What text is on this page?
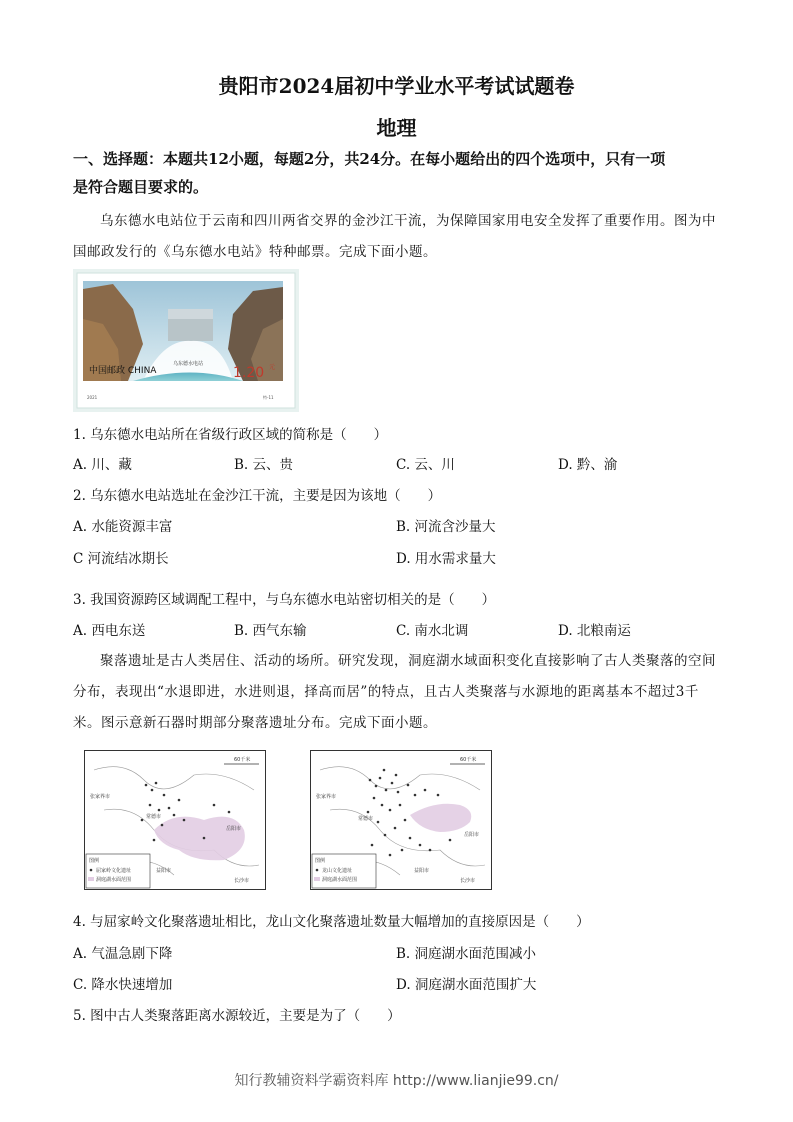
贵阳市2024届初中学业水平考试试题卷
地理
一、选择题：本题共12小题，每题2分，共24分。在每小题给出的四个选项中，只有一项
是符合题目要求的。
乌东德水电站位于云南和四川两省交界的金沙江干流，为保障国家用电安全发挥了重要作用。图为中
国邮政发行的《乌东德水电站》特种邮票。完成下面小题。
乌东德水电站
中国邮政 CHINA	1.20 元
2021	特-11
1. 乌东德水电站所在省级行政区域的简称是（　　）
A. 川、藏	B. 云、贵	C. 云、川	D. 黔、渝
2. 乌东德水电站选址在金沙江干流，主要是因为该地（　　）
A. 水能资源丰富	B. 河流含沙量大
C 河流结冰期长	D. 用水需求量大
3. 我国资源跨区域调配工程中，与乌东德水电站密切相关的是（　　）
A. 西电东送	B. 西气东输	C. 南水北调	D. 北粮南运
聚落遗址是古人类居住、活动的场所。研究发现，洞庭湖水域面积变化直接影响了古人类聚落的空间
分布，表现出“水退即进，水进则退，择高而居”的特点，且古人类聚落与水源地的距离基本不超过3千
米。图示意新石器时期部分聚落遗址分布。完成下面小题。
60千米
张家界市
常德市
岳阳市
益阳市
长沙市
图例
屈家岭文化遗址
洞庭湖水面范围
60千米
张家界市
常德市
岳阳市
益阳市
长沙市
图例
龙山文化遗址
洞庭湖水面范围
4. 与屈家岭文化聚落遗址相比，龙山文化聚落遗址数量大幅增加的直接原因是（　　）
A. 气温急剧下降	B. 洞庭湖水面范围减小
C. 降水快速增加	D. 洞庭湖水面范围扩大
5. 图中古人类聚落距离水源较近，主要是为了（　　）
知行教辅资料学霸资料库 http://www.lianjie99.cn/
